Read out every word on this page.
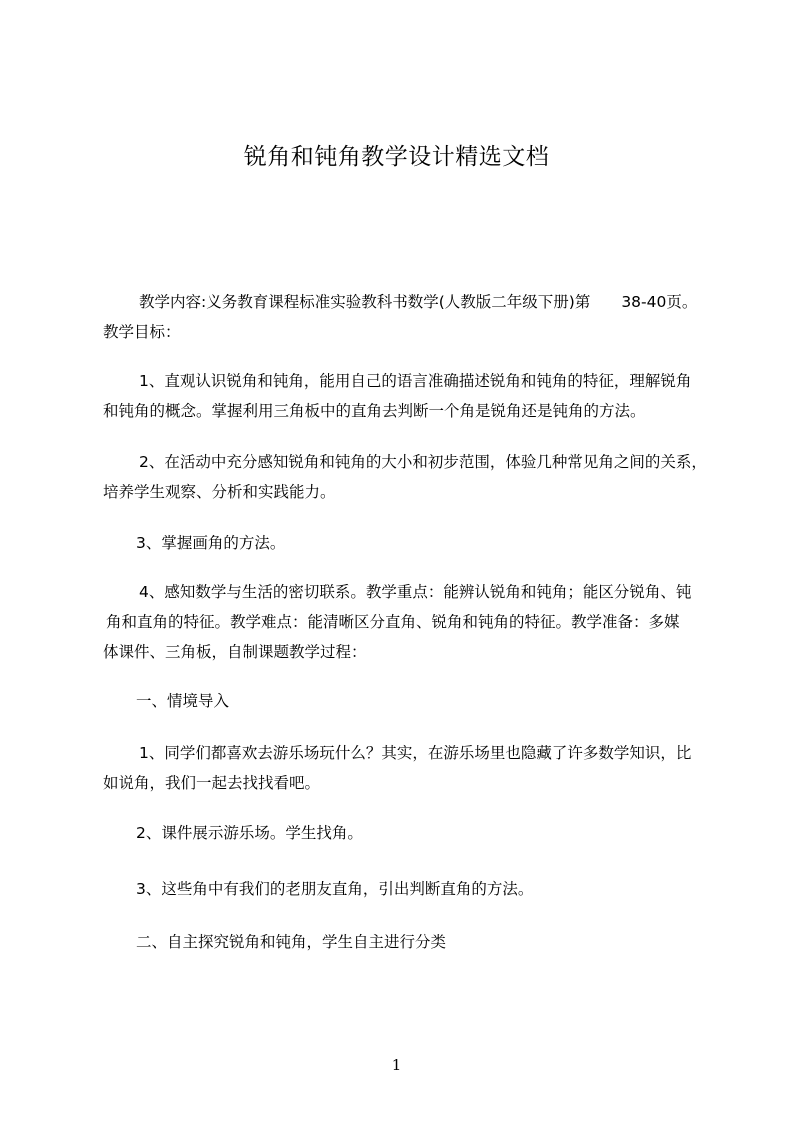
锐角和钝角教学设计精选文档

教学内容:义务教育课程标准实验教科书数学(人教版二年级下册)第　　38-40页。
教学目标：

1、直观认识锐角和钝角，能用自己的语言准确描述锐角和钝角的特征，理解锐角
和钝角的概念。掌握利用三角板中的直角去判断一个角是锐角还是钝角的方法。

2、在活动中充分感知锐角和钝角的大小和初步范围，体验几种常见角之间的关系，
培养学生观察、分析和实践能力。

3、掌握画角的方法。

4、感知数学与生活的密切联系。教学重点：能辨认锐角和钝角；能区分锐角、钝
角和直角的特征。教学难点：能清晰区分直角、锐角和钝角的特征。教学准备：多媒
体课件、三角板，自制课题教学过程：

一、情境导入

1、同学们都喜欢去游乐场玩什么？其实，在游乐场里也隐藏了许多数学知识，比
如说角，我们一起去找找看吧。

2、课件展示游乐场。学生找角。

3、这些角中有我们的老朋友直角，引出判断直角的方法。

二、自主探究锐角和钝角，学生自主进行分类

1
